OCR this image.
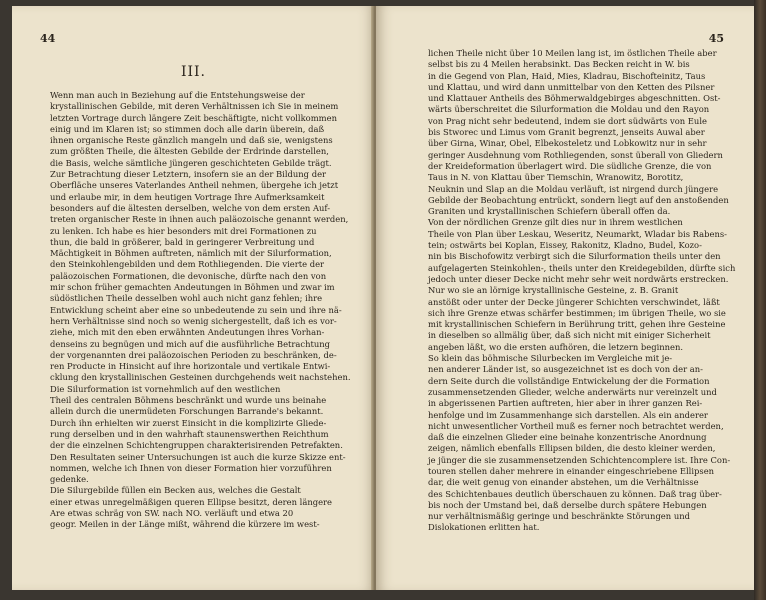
44
III.
Wenn man auch in Beziehung auf die Entstehungsweise der
krystallinischen Gebilde, mit deren Verhältnissen ich Sie in meinem
letzten Vortrage durch längere Zeit beschäftigte, nicht vollkommen
einig und im Klaren ist; so stimmen doch alle darin überein, daß
ihnen organische Reste gänzlich mangeln und daß sie, wenigstens
zum größten Theile, die ältesten Gebilde der Erdrinde darstellen,
die Basis, welche sämtliche jüngeren geschichteten Gebilde trägt.
Zur Betrachtung dieser Letztern, insofern sie an der Bildung der
Oberfläche unseres Vaterlandes Antheil nehmen, übergehe ich jetzt
und erlaube mir, in dem heutigen Vortrage Ihre Aufmerksamkeit
besonders auf die ältesten derselben, welche von dem ersten Auf-
treten organischer Reste in ihnen auch paläozoische genannt werden,
zu lenken. Ich habe es hier besonders mit drei Formationen zu
thun, die bald in größerer, bald in geringerer Verbreitung und
Mächtigkeit in Böhmen auftreten, nämlich mit der Silurformation,
den Steinkohlengebilden und dem Rothliegenden. Die vierte der
paläozoischen Formationen, die devonische, dürfte nach den von
mir schon früher gemachten Andeutungen in Böhmen und zwar im
südöstlichen Theile desselben wohl auch nicht ganz fehlen; ihre
Entwicklung scheint aber eine so unbedeutende zu sein und ihre nä-
hern Verhältnisse sind noch so wenig sichergestellt, daß ich es vor-
ziehe, mich mit den eben erwähnten Andeutungen ihres Vorhan-
denseins zu begnügen und mich auf die ausführliche Betrachtung
der vorgenannten drei paläozoischen Perioden zu beschränken, de-
ren Producte in Hinsicht auf ihre horizontale und vertikale Entwi-
cklung den krystallinischen Gesteinen durchgehends weit nachstehen.
Die Silurformation ist vornehmlich auf den westlichen
Theil des centralen Böhmens beschränkt und wurde uns beinahe
allein durch die unermüdeten Forschungen Barrande's bekannt.
Durch ihn erhielten wir zuerst Einsicht in die komplizirte Gliede-
rung derselben und in den wahrhaft staunenswerthen Reichthum
der die einzelnen Schichtengruppen charakterisirenden Petrefakten.
Den Resultaten seiner Untersuchungen ist auch die kurze Skizze ent-
nommen, welche ich Ihnen von dieser Formation hier vorzuführen
gedenke.
Die Silurgebilde füllen ein Becken aus, welches die Gestalt
einer etwas unregelmäßigen queren Ellipse besitzt, deren längere
Are etwas schräg von SW. nach NO. verläuft und etwa 20
geogr. Meilen in der Länge mißt, während die kürzere im west-
45
lichen Theile nicht über 10 Meilen lang ist, im östlichen Theile aber
selbst bis zu 4 Meilen herabsinkt. Das Becken reicht in W. bis
in die Gegend von Plan, Haid, Mies, Kladrau, Bischofteinitz, Taus
und Klattau, und wird dann unmittelbar von den Ketten des Pilsner
und Klattauer Antheils des Böhmerwaldgebirges abgeschnitten. Ost-
wärts überschreitet die Silurformation die Moldau und den Rayon
von Prag nicht sehr bedeutend, indem sie dort südwärts von Eule
bis Stworec und Limus vom Granit begrenzt, jenseits Auwal aber
über Girna, Winar, Obel, Elbekosteletz und Lobkowitz nur in sehr
geringer Ausdehnung vom Rothliegenden, sonst überall von Gliedern
der Kreideformation überlagert wird. Die südliche Grenze, die von
Taus in N. von Klattau über Tiemschin, Wranowitz, Borotitz,
Neuknin und Slap an die Moldau verläuft, ist nirgend durch jüngere
Gebilde der Beobachtung entrückt, sondern liegt auf den anstoßenden
Graniten und krystallinischen Schiefern überall offen da.
Von der nördlichen Grenze gilt dies nur in ihrem westlichen
Theile von Plan über Leskau, Weseritz, Neumarkt, Wladar bis Rabens-
tein; ostwärts bei Koplan, Eissey, Rakonitz, Kladno, Budel, Kozo-
nin bis Bischofowitz verbirgt sich die Silurformation theils unter den
aufgelagerten Steinkohlen-, theils unter den Kreidegebilden, dürfte sich
jedoch unter dieser Decke nicht mehr sehr weit nordwärts erstrecken.
Nur wo sie an lörnige krystallinische Gesteine, z. B. Granit
anstößt oder unter der Decke jüngerer Schichten verschwindet, läßt
sich ihre Grenze etwas schärfer bestimmen; im übrigen Theile, wo sie
mit krystallinischen Schiefern in Berührung tritt, gehen ihre Gesteine
in dieselben so allmälig über, daß sich nicht mit einiger Sicherheit
angeben läßt, wo die ersten aufhören, die letzern beginnen.
So klein das böhmische Silurbecken im Vergleiche mit je-
nen anderer Länder ist, so ausgezeichnet ist es doch von der an-
dern Seite durch die vollständige Entwickelung der die Formation
zusammensetzenden Glieder, welche anderwärts nur vereinzelt und
in abgerissenen Partien auftreten, hier aber in ihrer ganzen Rei-
henfolge und im Zusammenhange sich darstellen. Als ein anderer
nicht unwesentlicher Vortheil muß es ferner noch betrachtet werden,
daß die einzelnen Glieder eine beinahe konzentrische Anordnung
zeigen, nämlich ebenfalls Ellipsen bilden, die desto kleiner werden,
je jünger die sie zusammensetzenden Schichtencomplere ist. Ihre Con-
touren stellen daher mehrere in einander eingeschriebene Ellipsen
dar, die weit genug von einander abstehen, um die Verhältnisse
des Schichtenbaues deutlich überschauen zu können. Daß trag über-
bis noch der Umstand bei, daß derselbe durch spätere Hebungen
nur verhältnismäßig geringe und beschränkte Störungen und
Dislokationen erlitten hat.
